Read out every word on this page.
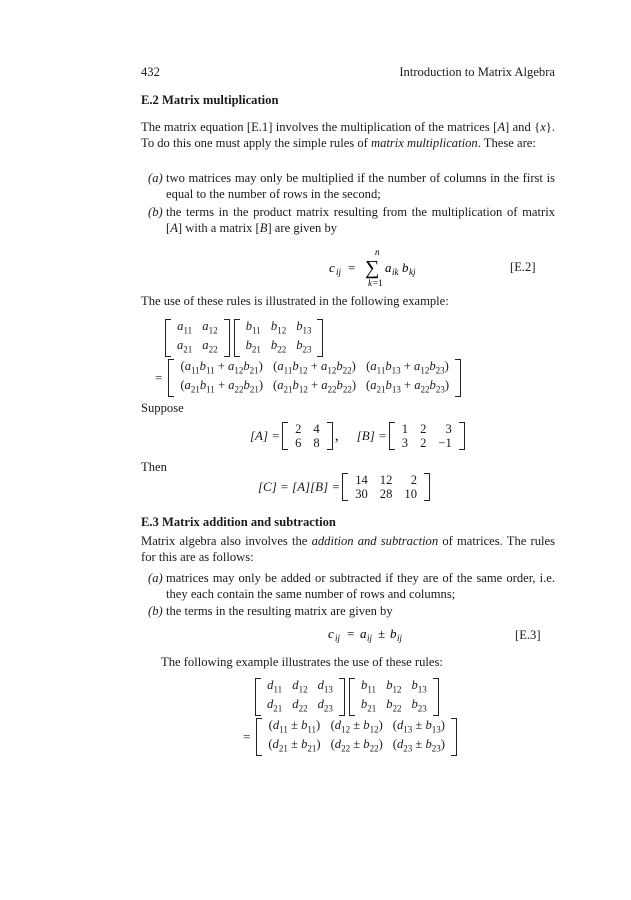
432	Introduction to Matrix Algebra
E.2 Matrix multiplication
The matrix equation [E.1] involves the multiplication of the matrices [A] and {x}. To do this one must apply the simple rules of matrix multiplication. These are:
(a) two matrices may only be multiplied if the number of columns in the first is equal to the number of rows in the second;
(b) the terms in the product matrix resulting from the multiplication of matrix [A] with a matrix [B] are given by
n
c ij = ∑
k =1
a ik b kj	[E.2]
The use of these rules is illustrated in the following example:
$a_{11}$	$a_{12}$
$a_{21}$	$a_{22}$
$b_{11}$	$b_{12}$	$b_{13}$
$b_{21}$	$b_{22}$	$b_{23}$
=
$(a_{11}b_{11} + a_{12}b_{21})$	$(a_{11}b_{12} + a_{12}b_{22})$	$(a_{11}b_{13} + a_{12}b_{23})$
$(a_{21}b_{11} + a_{22}b_{21})$	$(a_{21}b_{12} + a_{22}b_{22})$	$(a_{21}b_{13} + a_{22}b_{23})$
Suppose
[A] = 2	4
6	8 , [B] = 1	2	3
3	2	−1
Then
[C] = [A][B] = 14	12	2
30	28	10
E.3 Matrix addition and subtraction
Matrix algebra also involves the addition and subtraction of matrices. The rules for this are as follows:
(a) matrices may only be added or subtracted if they are of the same order, i.e. they each contain the same number of rows and columns;
(b) the terms in the resulting matrix are given by
c ij = a ij ± b ij	[E.3]
The following example illustrates the use of these rules:
$d_{11}$	$d_{12}$	$d_{13}$
$d_{21}$	$d_{22}$	$d_{23}$
$b_{11}$	$b_{12}$	$b_{13}$
$b_{21}$	$b_{22}$	$b_{23}$
=
$(d_{11} \pm b_{11})$	$(d_{12} \pm b_{12})$	$(d_{13} \pm b_{13})$
$(d_{21} \pm b_{21})$	$(d_{22} \pm b_{22})$	$(d_{23} \pm b_{23})$
